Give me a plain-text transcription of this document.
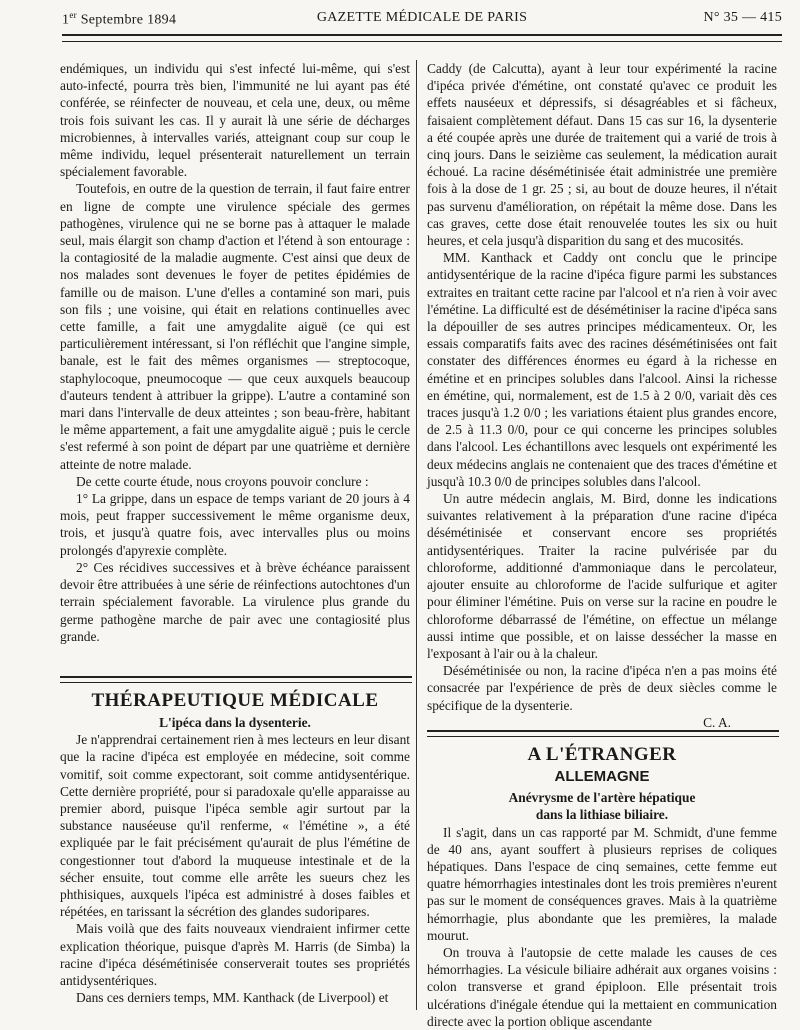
1er Septembre 1894	GAZETTE MÉDICALE DE PARIS	N° 35 — 415

endémiques, un individu qui s'est infecté lui-même, qui s'est auto-infecté, pourra très bien, l'immunité ne lui ayant pas été conférée, se réinfecter de nouveau, et cela une, deux, ou même trois fois suivant les cas. Il y aurait là une série de décharges microbiennes, à intervalles variés, atteignant coup sur coup le même individu, lequel présenterait naturellement un terrain spécialement favorable.

Toutefois, en outre de la question de terrain, il faut faire entrer en ligne de compte une virulence spéciale des germes pathogènes, virulence qui ne se borne pas à attaquer le malade seul, mais élargit son champ d'action et l'étend à son entourage : la contagiosité de la maladie augmente. C'est ainsi que deux de nos malades sont devenues le foyer de petites épidémies de famille ou de maison. L'une d'elles a contaminé son mari, puis son fils ; une voisine, qui était en relations continuelles avec cette famille, a fait une amygdalite aiguë (ce qui est particulièrement intéressant, si l'on réfléchit que l'angine simple, banale, est le fait des mêmes organismes — streptocoque, staphylocoque, pneumocoque — que ceux auxquels beaucoup d'auteurs tendent à attribuer la grippe). L'autre a contaminé son mari dans l'intervalle de deux atteintes ; son beau-frère, habitant le même appartement, a fait une amygdalite aiguë ; puis le cercle s'est refermé à son point de départ par une quatrième et dernière atteinte de notre malade.

De cette courte étude, nous croyons pouvoir conclure :

1° La grippe, dans un espace de temps variant de 20 jours à 4 mois, peut frapper successivement le même organisme deux, trois, et jusqu'à quatre fois, avec intervalles plus ou moins prolongés d'apyrexie complète.

2° Ces récidives successives et à brève échéance paraissent devoir être attribuées à une série de réinfections autochtones d'un terrain spécialement favorable. La virulence plus grande du germe pathogène marche de pair avec une contagiosité plus grande.

THÉRAPEUTIQUE MÉDICALE

L'ipéca dans la dysenterie.

Je n'apprendrai certainement rien à mes lecteurs en leur disant que la racine d'ipéca est employée en médecine, soit comme vomitif, soit comme expectorant, soit comme antidysentérique. Cette dernière propriété, pour si paradoxale qu'elle apparaisse au premier abord, puisque l'ipéca semble agir surtout par la substance nauséeuse qu'il renferme, « l'émétine », a été expliquée par le fait précisément qu'aurait de plus l'émétine de congestionner tout d'abord la muqueuse intestinale et de la sécher ensuite, tout comme elle arrête les sueurs chez les phthisiques, auxquels l'ipéca est administré à doses faibles et répétées, en tarissant la sécrétion des glandes sudoripares.

Mais voilà que des faits nouveaux viendraient infirmer cette explication théorique, puisque d'après M. Harris (de Simba) la racine d'ipéca désémétinisée conserverait toutes ses propriétés antidysentériques.

Dans ces derniers temps, MM. Kanthack (de Liverpool) et

Caddy (de Calcutta), ayant à leur tour expérimenté la racine d'ipéca privée d'émétine, ont constaté qu'avec ce produit les effets nauséeux et dépressifs, si désagréables et si fâcheux, faisaient complètement défaut. Dans 15 cas sur 16, la dysenterie a été coupée après une durée de traitement qui a varié de trois à cinq jours. Dans le seizième cas seulement, la médication aurait échoué. La racine désémétinisée était administrée une première fois à la dose de 1 gr. 25 ; si, au bout de douze heures, il n'était pas survenu d'amélioration, on répétait la même dose. Dans les cas graves, cette dose était renouvelée toutes les six ou huit heures, et cela jusqu'à disparition du sang et des mucosités.

MM. Kanthack et Caddy ont conclu que le principe antidysentérique de la racine d'ipéca figure parmi les substances extraites en traitant cette racine par l'alcool et n'a rien à voir avec l'émétine. La difficulté est de désémétiniser la racine d'ipéca sans la dépouiller de ses autres principes médicamenteux. Or, les essais comparatifs faits avec des racines désémétinisées ont fait constater des différences énormes eu égard à la richesse en émétine et en principes solubles dans l'alcool. Ainsi la richesse en émétine, qui, normalement, est de 1.5 à 2 0/0, variait dès ces traces jusqu'à 1.2 0/0 ; les variations étaient plus grandes encore, de 2.5 à 11.3 0/0, pour ce qui concerne les principes solubles dans l'alcool. Les échantillons avec lesquels ont expérimenté les deux médecins anglais ne contenaient que des traces d'émétine et jusqu'à 10.3 0/0 de principes solubles dans l'alcool.

Un autre médecin anglais, M. Bird, donne les indications suivantes relativement à la préparation d'une racine d'ipéca désémétinisée et conservant encore ses propriétés antidysentériques. Traiter la racine pulvérisée par du chloroforme, additionné d'ammoniaque dans le percolateur, ajouter ensuite au chloroforme de l'acide sulfurique et agiter pour éliminer l'émétine. Puis on verse sur la racine en poudre le chloroforme débarrassé de l'émétine, on effectue un mélange aussi intime que possible, et on laisse dessécher la masse en l'exposant à l'air ou à la chaleur.

Désémétinisée ou non, la racine d'ipéca n'en a pas moins été consacrée par l'expérience de près de deux siècles comme le spécifique de la dysenterie.

C. A.

A L'ÉTRANGER

ALLEMAGNE

Anévrysme de l'artère hépatique

dans la lithiase biliaire.

Il s'agit, dans un cas rapporté par M. Schmidt, d'une femme de 40 ans, ayant souffert à plusieurs reprises de coliques hépatiques. Dans l'espace de cinq semaines, cette femme eut quatre hémorrhagies intestinales dont les trois premières n'eurent pas sur le moment de conséquences graves. Mais à la quatrième hémorrhagie, plus abondante que les premières, la malade mourut.

On trouva à l'autopsie de cette malade les causes de ces hémorrhagies. La vésicule biliaire adhérait aux organes voisins : colon transverse et grand épiploon. Elle présentait trois ulcérations d'inégale étendue qui la mettaient en communication directe avec la portion oblique ascendante
